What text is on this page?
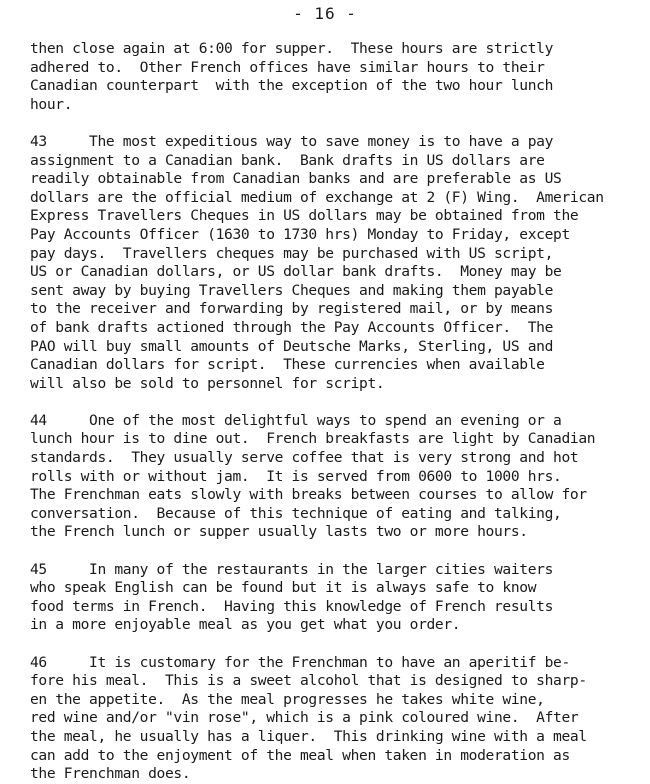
- 16 -
then close again at 6:00 for supper.  These hours are strictly
adhered to.  Other French offices have similar hours to their
Canadian counterpart  with the exception of the two hour lunch
hour.
43     The most expeditious way to save money is to have a pay
assignment to a Canadian bank.  Bank drafts in US dollars are
readily obtainable from Canadian banks and are preferable as US
dollars are the official medium of exchange at 2 (F) Wing.  American
Express Travellers Cheques in US dollars may be obtained from the
Pay Accounts Officer (1630 to 1730 hrs) Monday to Friday, except
pay days.  Travellers cheques may be purchased with US script,
US or Canadian dollars, or US dollar bank drafts.  Money may be
sent away by buying Travellers Cheques and making them payable
to the receiver and forwarding by registered mail, or by means
of bank drafts actioned through the Pay Accounts Officer.  The
PAO will buy small amounts of Deutsche Marks, Sterling, US and
Canadian dollars for script.  These currencies when available
will also be sold to personnel for script.
44     One of the most delightful ways to spend an evening or a
lunch hour is to dine out.  French breakfasts are light by Canadian
standards.  They usually serve coffee that is very strong and hot
rolls with or without jam.  It is served from 0600 to 1000 hrs.
The Frenchman eats slowly with breaks between courses to allow for
conversation.  Because of this technique of eating and talking,
the French lunch or supper usually lasts two or more hours.
45     In many of the restaurants in the larger cities waiters
who speak English can be found but it is always safe to know
food terms in French.  Having this knowledge of French results
in a more enjoyable meal as you get what you order.
46     It is customary for the Frenchman to have an aperitif be-
fore his meal.  This is a sweet alcohol that is designed to sharp-
en the appetite.  As the meal progresses he takes white wine,
red wine and/or "vin rose", which is a pink coloured wine.  After
the meal, he usually has a liquer.  This drinking wine with a meal
can add to the enjoyment of the meal when taken in moderation as
the Frenchman does.
